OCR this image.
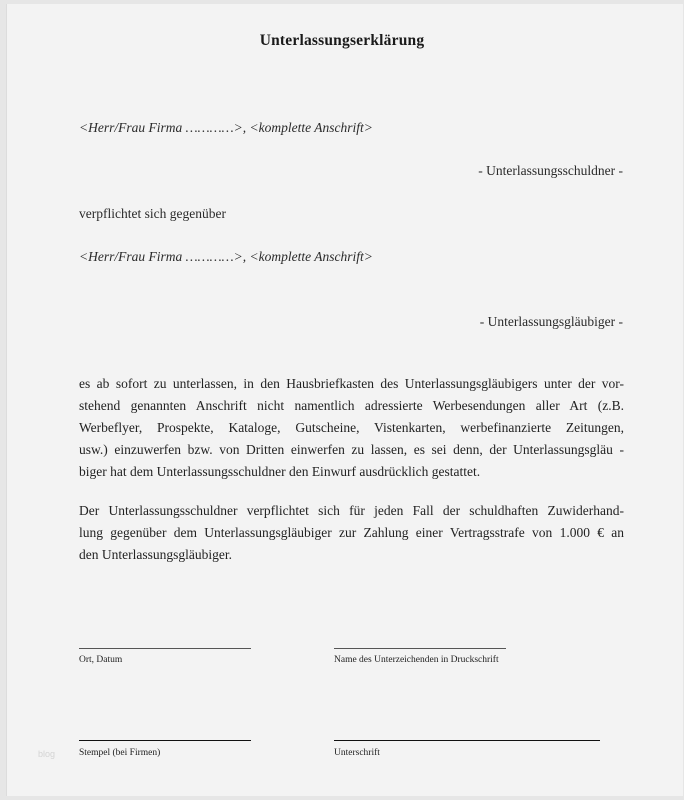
Unterlassungserklärung
<Herr/Frau Firma …………>, <komplette Anschrift>
- Unterlassungsschuldner -
verpflichtet sich gegenüber
<Herr/Frau Firma …………>, <komplette Anschrift>
- Unterlassungsgläubiger -
es ab sofort zu unterlassen, in den Hausbriefkasten des Unterlassungsgläubigers unter der vor-
stehend genannten Anschrift nicht namentlich adressierte Werbesendungen aller Art (z.B.
Werbeflyer, Prospekte, Kataloge, Gutscheine, Vistenkarten, werbefinanzierte Zeitungen,
usw.) einzuwerfen bzw. von Dritten einwerfen zu lassen, es sei denn, der Unterlassungsgläu -
biger hat dem Unterlassungsschuldner den Einwurf ausdrücklich gestattet.
Der Unterlassungsschuldner verpflichtet sich für jeden Fall der schuldhaften Zuwiderhand-
lung gegenüber dem Unterlassungsgläubiger zur Zahlung einer Vertragsstrafe von 1.000 € an
den Unterlassungsgläubiger.
Ort, Datum	Name des Unterzeichenden in Druckschrift
Stempel (bei Firmen)	Unterschrift
blog
